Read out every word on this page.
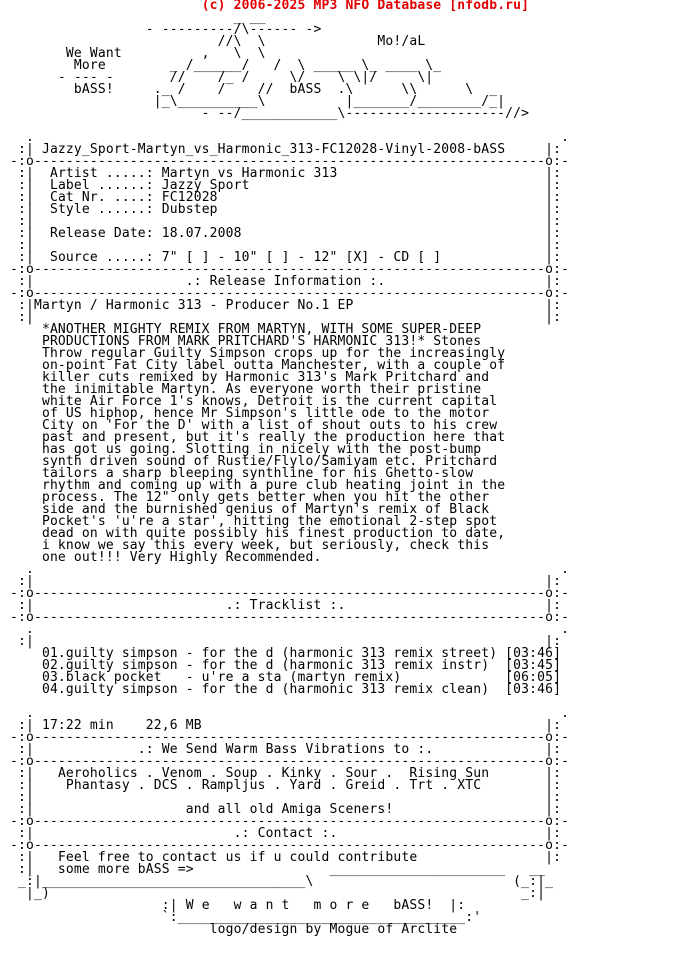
(c) 2006-2025 MP3 NFO Database [nfodb.ru]
_ __
- ---------/\------ ->
//\  \              Mo!/aL
We Want          ,   \  \
More        _ /______/   /  \ _____ \_ ____ \_
- --- -       //    /_ /     \/    \ \|/     \|
bASS!     ._ /    /    //  bASS  .\      \\      \  _
|_\__________\          |_______/________/_|
- --/____________\--------------------//>

.                                                                  .
:| Jazzy_Sport-Martyn_vs_Harmonic_313-FC12028-Vinyl-2008-bASS     |:
-:o----------------------------------------------------------------o:-
:| Artist .....: Martyn vs Harmonic 313                          |:
:| Label ......: Jazzy Sport                                     |:
:| Cat Nr. ....: FC12028                                         |:
:| Style ......: Dubstep                                         |:
:|                                                                |:
:| Release Date: 18.07.2008                                      |:
:|                                                                |:
:| Source .....: 7" [ ] - 10" [ ] - 12" [X] - CD [ ]             |:
-:o----------------------------------------------------------------o:-
:|                   .: Release Information :.                    |:
-:o----------------------------------------------------------------o:-
:|Martyn / Harmonic 313 - Producer No.1 EP                        |:
:|                                                                |:
*ANOTHER MIGHTY REMIX FROM MARTYN, WITH SOME SUPER-DEEP
PRODUCTIONS FROM MARK PRITCHARD'S HARMONIC 313!* Stones
Throw regular Guilty Simpson crops up for the increasingly
on-point Fat City label outta Manchester, with a couple of
killer cuts remixed by Harmonic 313's Mark Pritchard and
the inimitable Martyn. As everyone worth their pristine
white Air Force 1's knows, Detroit is the current capital
of US hiphop, hence Mr Simpson's little ode to the motor
City on 'For the D' with a list of shout outs to his crew
past and present, but it's really the production here that
has got us going. Slotting in nicely with the post-bump
synth driven sound of Rustie/Flylo/Samiyam etc. Pritchard
tailors a sharp bleeping synthline for his Ghetto-slow
rhythm and coming up with a pure club heating joint in the
process. The 12" only gets better when you hit the other
side and the burnished genius of Martyn's remix of Black
Pocket's 'u're a star', hitting the emotional 2-step spot
dead on with quite possibly his finest production to date,
i know we say this every week, but seriously, check this
one out!!! Very Highly Recommended.
.                                                                  .
:|                                                                |:
-:o----------------------------------------------------------------o:-
:|                        .: Tracklist :.                         |:
-:o----------------------------------------------------------------o:-
.                                                                  .
:|                                                                |:
01.guilty simpson - for the d (harmonic 313 remix street) [03:46]
02.guilty simpson - for the d (harmonic 313 remix instr)  [03:45]
03.black pocket   - u're a sta (martyn remix)             [06:05]
04.guilty simpson - for the d (harmonic 313 remix clean)  [03:46]

.                                                                  .
:| 17:22 min    22,6 MB                                           |:
-:o----------------------------------------------------------------o:-
:|             .: We Send Warm Bass Vibrations to :.              |:
-:o----------------------------------------------------------------o:-
:| Aeroholics . Venom . Soup . Kinky . Sour .  Rising Sun       |:
:|    Phantasy . DCS . Rampljus . Yard . Greid . Trt . XTC        |:
:|                                                                |:
:|                   and all old Amiga Sceners!                   |:
-:o----------------------------------------------------------------o:-
:|                         .: Contact :.                          |:
-:o----------------------------------------------------------------o:-
:| Feel free to contact us if u could contribute                |:
:|   some more bASS =>                 ______________________   __
_:|_________________________________\                         (_:|_
|_)                                                           _:|
:| W e   w a n t   m o r e   bASS!  |:
`:____________________________________:'
logo/design by Mogue of Arclite
